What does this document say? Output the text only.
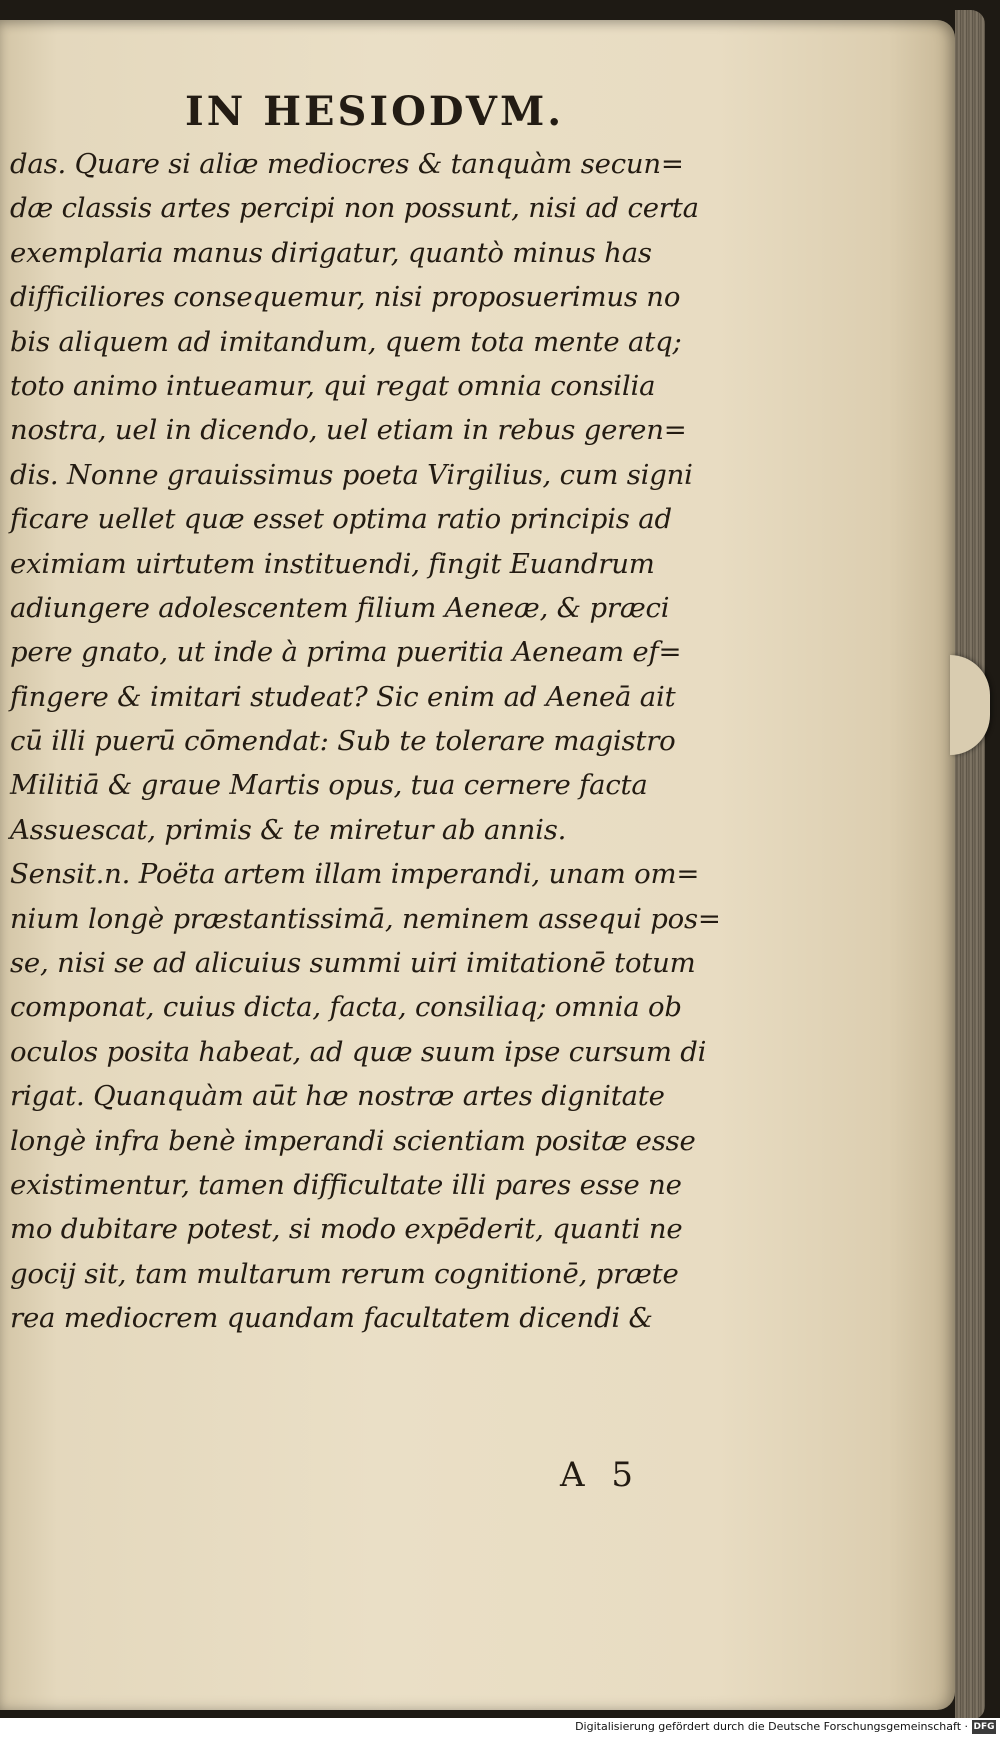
IN HESIODVM.
das. Quare si aliæ mediocres & tanquàm secun=
dæ classis artes percipi non possunt, nisi ad certa
exemplaria manus dirigatur, quantò minus has
difficiliores consequemur, nisi proposuerimus no
bis aliquem ad imitandum, quem tota mente atq;
toto animo intueamur, qui regat omnia consilia
nostra, uel in dicendo, uel etiam in rebus geren=
dis. Nonne grauissimus poeta Virgilius, cum signi
ficare uellet quæ esset optima ratio principis ad
eximiam uirtutem instituendi, fingit Euandrum
adiungere adolescentem filium Aeneæ, & præci
pere gnato, ut inde à prima pueritia Aeneam ef=
fingere & imitari studeat? Sic enim ad Aeneā ait
cū illi puerū cōmendat: Sub te tolerare magistro
Militiā & graue Martis opus, tua cernere facta
Assuescat, primis & te miretur ab annis.
Sensit.n. Poëta artem illam imperandi, unam om=
nium longè præstantissimā, neminem assequi pos=
se, nisi se ad alicuius summi uiri imitationē totum
componat, cuius dicta, facta, consiliaq; omnia ob
oculos posita habeat, ad quæ suum ipse cursum di
rigat. Quanquàm aūt hæ nostræ artes dignitate
longè infra benè imperandi scientiam positæ esse
existimentur, tamen difficultate illi pares esse ne
mo dubitare potest, si modo expēderit, quanti ne
gocij sit, tam multarum rerum cognitionē, præte
rea mediocrem quandam facultatem dicendi &
A 5
Digitalisierung gefördert durch die Deutsche Forschungsgemeinschaft · DFG
